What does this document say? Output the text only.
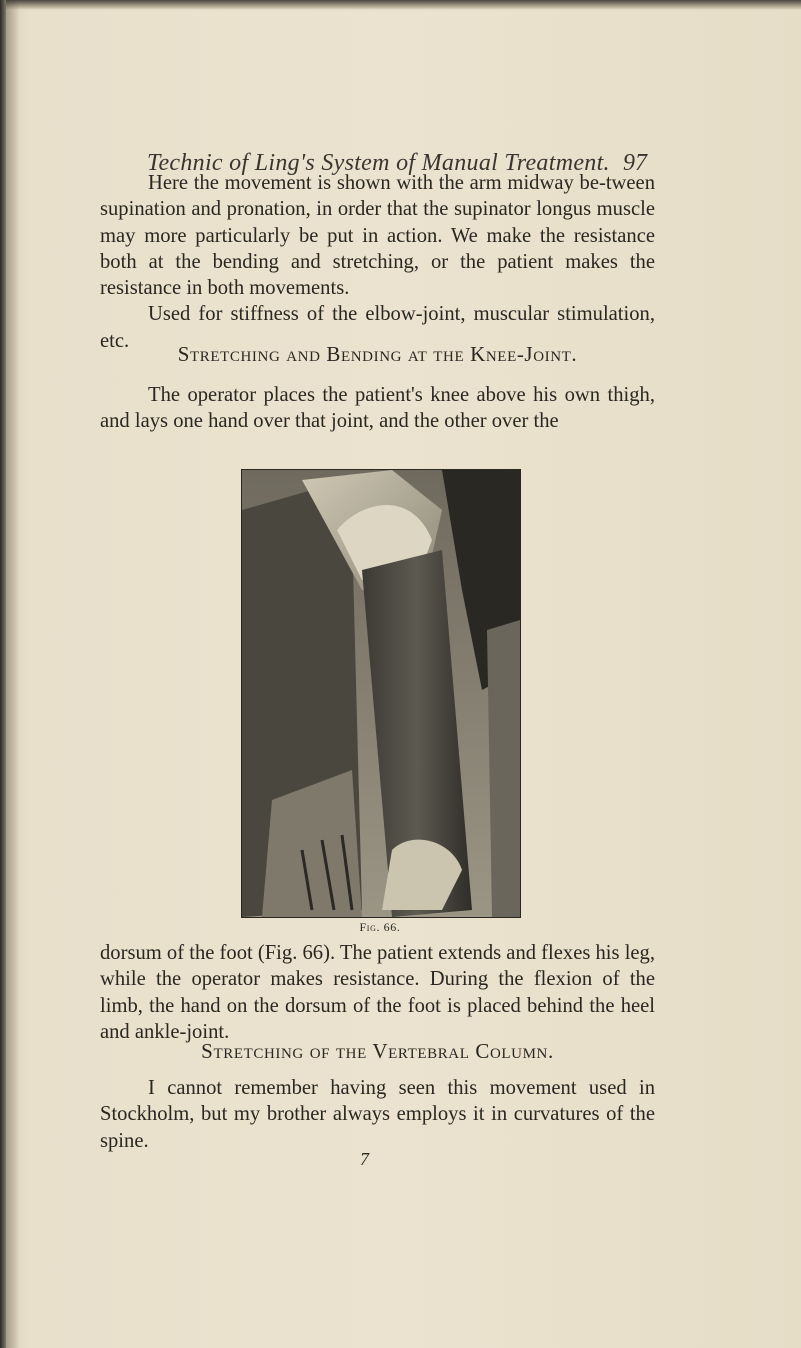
Technic of Ling's System of Manual Treatment. 97

Here the movement is shown with the arm midway be-tween supination and pronation, in order that the supinator longus muscle may more particularly be put in action. We make the resistance both at the bending and stretching, or the patient makes the resistance in both movements.

Used for stiffness of the elbow-joint, muscular stimulation, etc.

Stretching and Bending at the Knee-Joint.

The operator places the patient's knee above his own thigh, and lays one hand over that joint, and the other over the

Fig. 66.

dorsum of the foot (Fig. 66). The patient extends and flexes his leg, while the operator makes resistance. During the flexion of the limb, the hand on the dorsum of the foot is placed behind the heel and ankle-joint.

Stretching of the Vertebral Column.

I cannot remember having seen this movement used in Stockholm, but my brother always employs it in curvatures of the spine.

7
